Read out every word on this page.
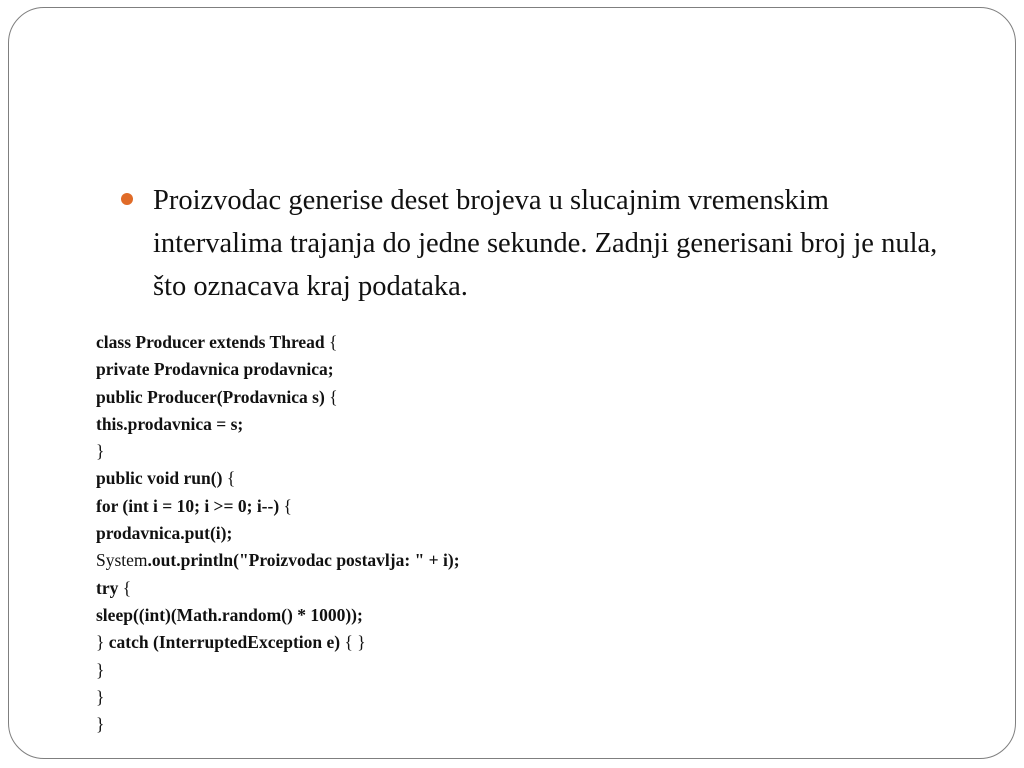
Proizvodac generise deset brojeva u slucajnim vremenskim intervalima trajanja do jedne sekunde. Zadnji generisani broj je nula, što oznacava kraj podataka.

class Producer extends Thread {
private Prodavnica prodavnica;
public Producer(Prodavnica s) {
this.prodavnica = s;
}
public void run() {
for (int i = 10; i >= 0; i--) {
prodavnica.put(i);
System.out.println("Proizvodac postavlja: " + i);
try {
sleep((int)(Math.random() * 1000));
} catch (InterruptedException e) { }
}
}
}
